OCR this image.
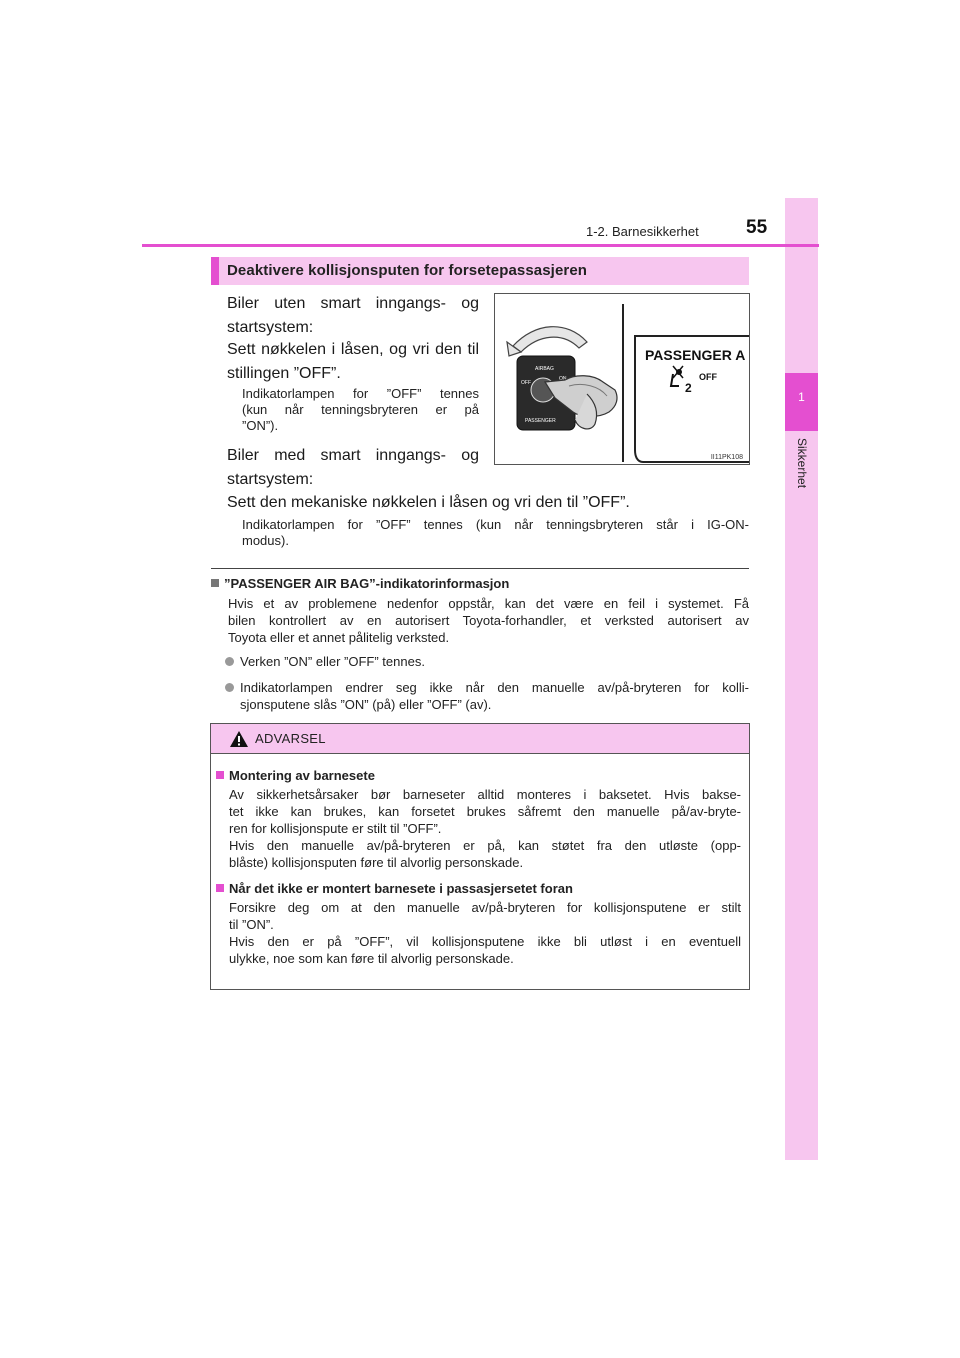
1
Sikkerhet
1-2. Barnesikkerhet 55
Deaktivere kollisjonsputen for forsetepassasjeren
AIRBAG
OFF
ON
PASSENGER
PASSENGER A
2
OFF
II11PK108
Biler uten smart inngangs- og
startsystem:
Sett nøkkelen i låsen, og vri den til
stillingen ”OFF”.
Indikatorlampen for ”OFF” tennes
(kun når tenningsbryteren er på
”ON”).
Biler med smart inngangs- og
startsystem:
Sett den mekaniske nøkkelen i låsen og vri den til ”OFF”.
Indikatorlampen for ”OFF” tennes (kun når tenningsbryteren står i IG-ON-
modus).
”PASSENGER AIR BAG”-indikatorinformasjon
Hvis et av problemene nedenfor oppstår, kan det være en feil i systemet. Få
bilen kontrollert av en autorisert Toyota-forhandler, et verksted autorisert av
Toyota eller et annet pålitelig verksted.
Verken ”ON” eller ”OFF” tennes.
Indikatorlampen endrer seg ikke når den manuelle av/på-bryteren for kolli-
sjonsputene slås ”ON” (på) eller ”OFF” (av).
ADVARSEL
Montering av barnesete
Av sikkerhetsårsaker bør barneseter alltid monteres i baksetet. Hvis bakse-
tet ikke kan brukes, kan forsetet brukes såfremt den manuelle på/av-bryte-
ren for kollisjonspute er stilt til ”OFF”.
Hvis den manuelle av/på-bryteren er på, kan støtet fra den utløste (opp-
blåste) kollisjonsputen føre til alvorlig personskade.
Når det ikke er montert barnesete i passasjersetet foran
Forsikre deg om at den manuelle av/på-bryteren for kollisjonsputene er stilt
til ”ON”.
Hvis den er på ”OFF”, vil kollisjonsputene ikke bli utløst i en eventuell
ulykke, noe som kan føre til alvorlig personskade.
